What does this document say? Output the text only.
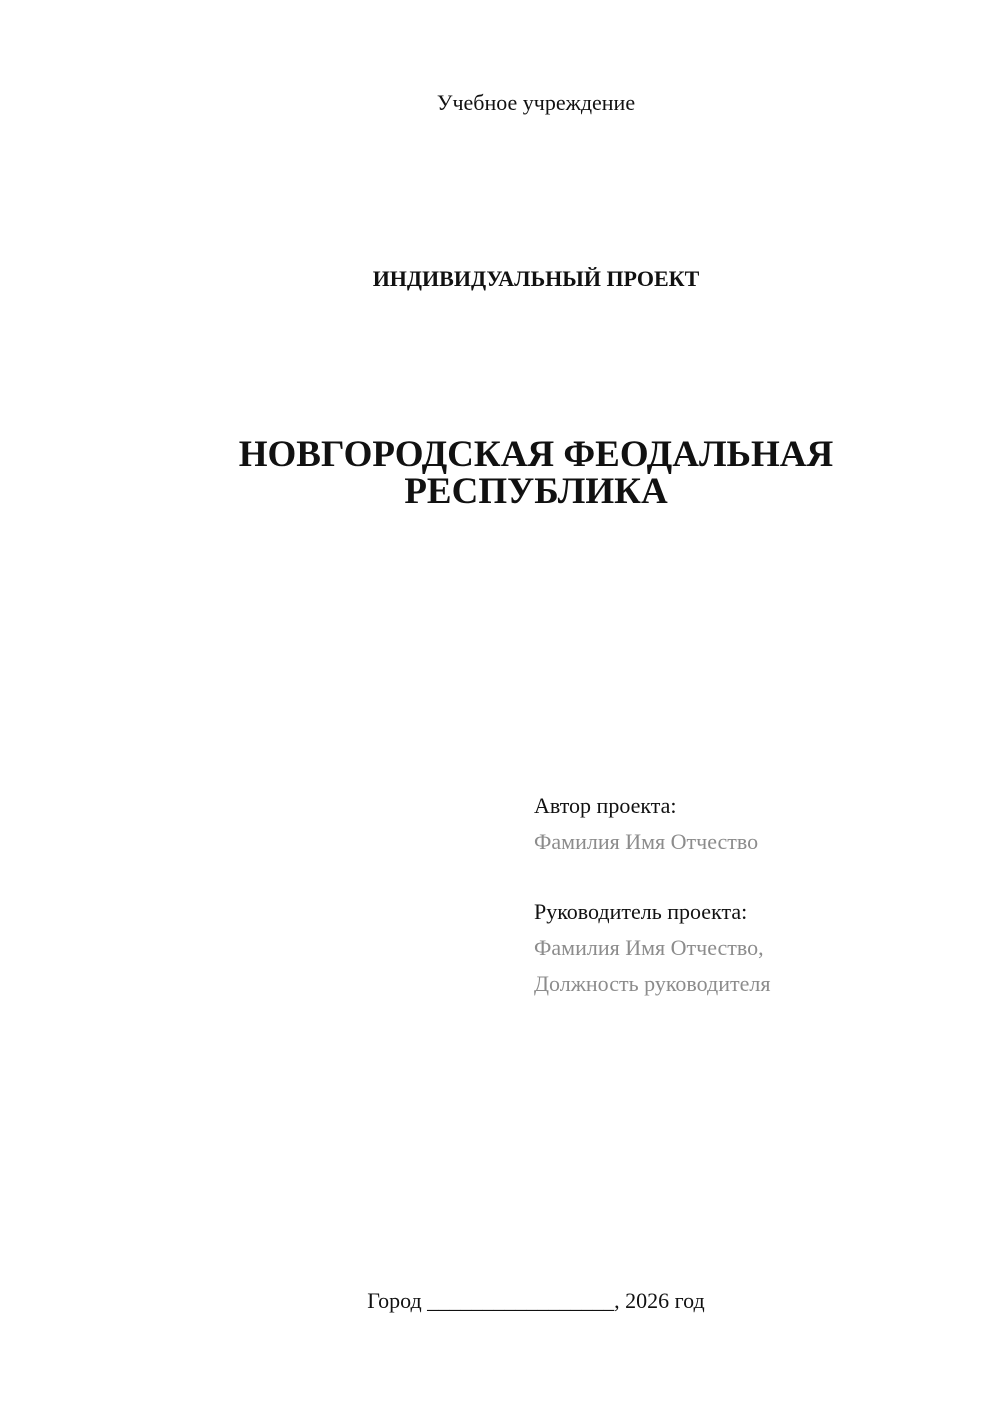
Учебное учреждение
ИНДИВИДУАЛЬНЫЙ ПРОЕКТ
НОВГОРОДСКАЯ ФЕОДАЛЬНАЯ
РЕСПУБЛИКА
Автор проекта:
Фамилия Имя Отчество
Руководитель проекта:
Фамилия Имя Отчество,
Должность руководителя
Город _________________, 2026 год
